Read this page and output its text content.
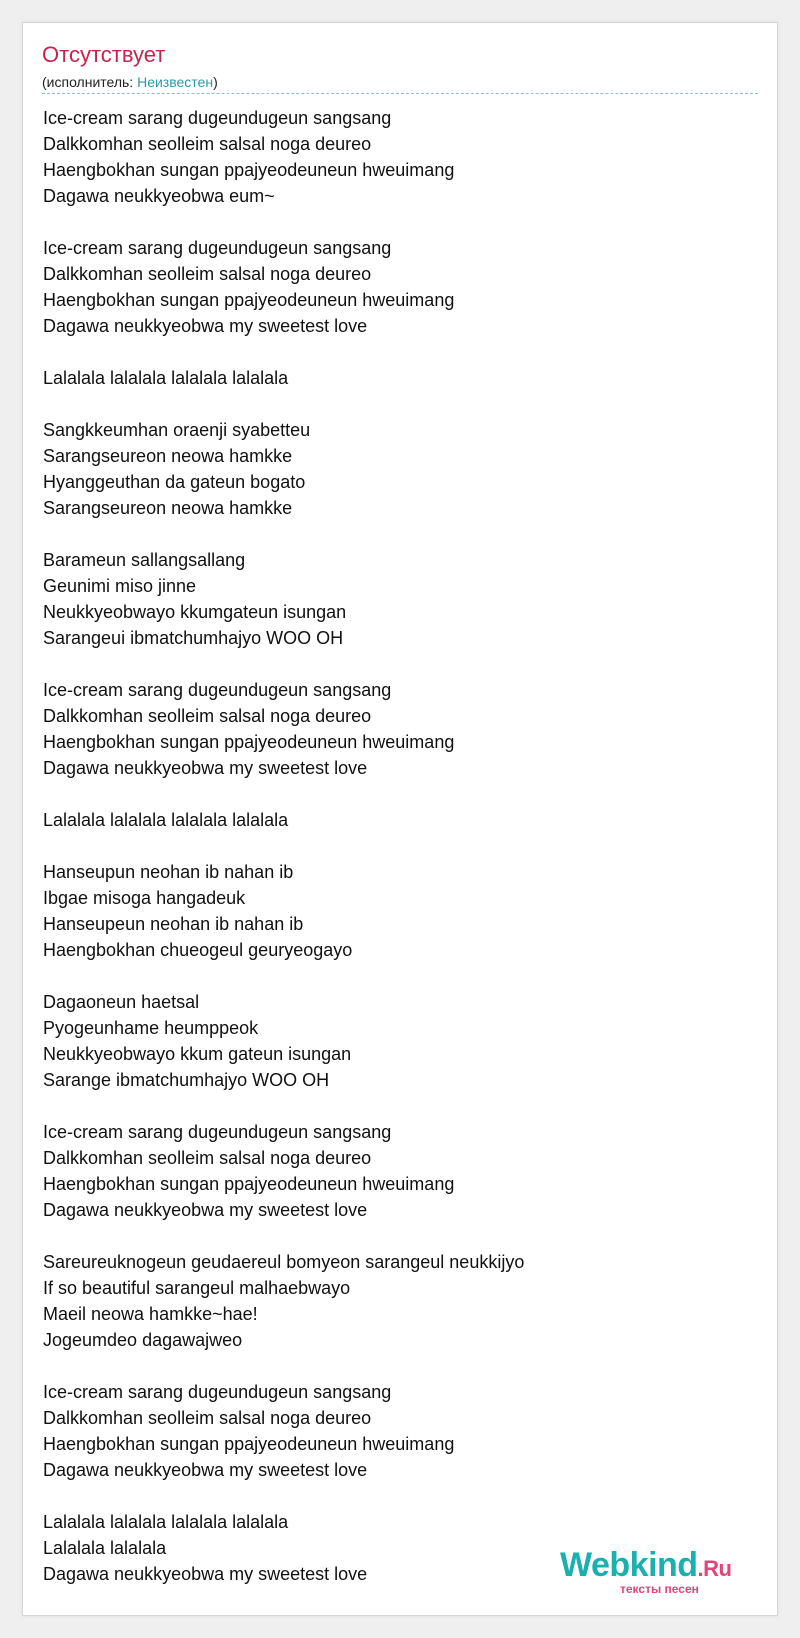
Отсутствует
(исполнитель: Неизвестен)
Ice-cream sarang dugeundugeun sangsang
Dalkkomhan seolleim salsal noga deureo
Haengbokhan sungan ppajyeodeuneun hweuimang
Dagawa neukkyeobwa eum~
Ice-cream sarang dugeundugeun sangsang
Dalkkomhan seolleim salsal noga deureo
Haengbokhan sungan ppajyeodeuneun hweuimang
Dagawa neukkyeobwa my sweetest love
Lalalala lalalala lalalala lalalala
Sangkkeumhan oraenji syabetteu
Sarangseureon neowa hamkke
Hyanggeuthan da gateun bogato
Sarangseureon neowa hamkke
Barameun sallangsallang
Geunimi miso jinne
Neukkyeobwayo kkumgateun isungan
Sarangeui ibmatchumhajyo WOO OH
Ice-cream sarang dugeundugeun sangsang
Dalkkomhan seolleim salsal noga deureo
Haengbokhan sungan ppajyeodeuneun hweuimang
Dagawa neukkyeobwa my sweetest love
Lalalala lalalala lalalala lalalala
Hanseupun neohan ib nahan ib
Ibgae misoga hangadeuk
Hanseupeun neohan ib nahan ib
Haengbokhan chueogeul geuryeogayo
Dagaoneun haetsal
Pyogeunhame heumppeok
Neukkyeobwayo kkum gateun isungan
Sarange ibmatchumhajyo WOO OH
Ice-cream sarang dugeundugeun sangsang
Dalkkomhan seolleim salsal noga deureo
Haengbokhan sungan ppajyeodeuneun hweuimang
Dagawa neukkyeobwa my sweetest love
Sareureuknogeun geudaereul bomyeon sarangeul neukkijyo
If so beautiful sarangeul malhaebwayo
Maeil neowa hamkke~hae!
Jogeumdeo dagawajweo
Ice-cream sarang dugeundugeun sangsang
Dalkkomhan seolleim salsal noga deureo
Haengbokhan sungan ppajyeodeuneun hweuimang
Dagawa neukkyeobwa my sweetest love
Lalalala lalalala lalalala lalalala
Lalalala lalalala
Dagawa neukkyeobwa my sweetest love	Webkind.Ru
тексты песен
